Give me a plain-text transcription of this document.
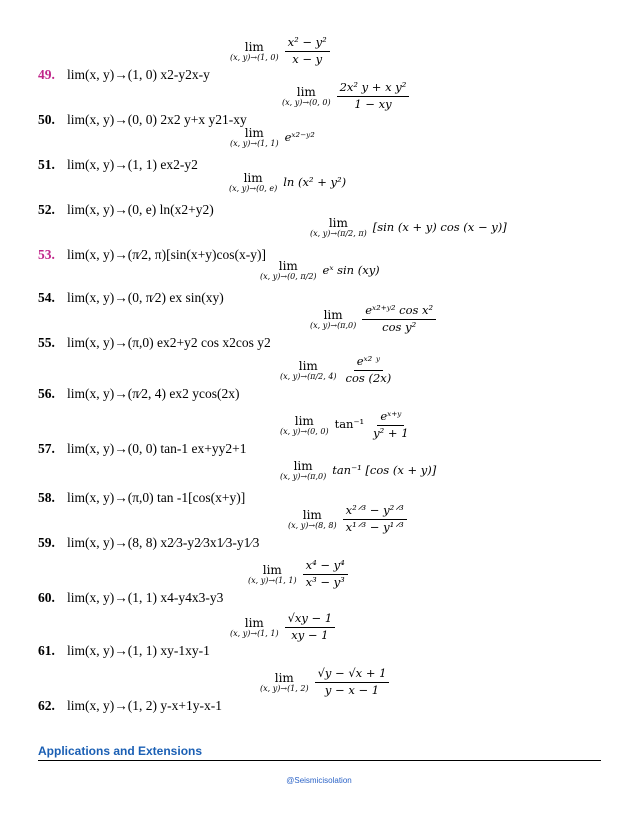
lim
(x, y)→(1, $0) \frac{\text{x² − y²}}{x - y}$
49. lim(x, y)→(1, 0) x2-y2x-y
lim
(x, y)→(0, $0) \frac{\text{2x² y + x y²}}{1 - xy}$
50. lim(x, y)→(0, 0) 2x2 y+x y21-xy
lim
(x, y)→(1, 1) eˣ²⁻ʸ²
51. lim(x, y)→(1, 1) ex2-y2
lim
(x, y)→(0, e) ln (x² + y²)
52. lim(x, y)→(0, e) ln(x2+y2)
lim
(x, y)→(π/2, π) [sin (x + y) cos (x − y)]
53. lim(x, y)→(π⁄2, π)[sin(x+y)cos(x-y)]
lim
(x, y)→(0, π/2) eˣ sin (xy)
54. lim(x, y)→(0, π⁄2) ex sin(xy)
lim
(x, $y)\to(\pi,0) \frac{\text{eˣ²⁺ʸ² cos x²}}{\text{cos y²}}$
55. lim(x, y)→(π,0) ex2+y2 cos x2cos y2
lim
(x, y)→(π/2, $4) \frac{\text{eˣ² ʸ}}{\cos (2x)}$
56. lim(x, y)→(π⁄2, 4) ex2 ycos(2x)
lim
(x, y)→(0, 0) $\tan^{-1} \frac{\text{eˣ⁺ʸ}}{\text{y² + 1}}$
57. lim(x, y)→(0, 0) tan-1 ex+yy2+1
lim
(x, y)→(π,0) tan⁻¹ [cos (x + y)]
58. lim(x, y)→(π,0) tan -1[cos(x+y)]
lim
(x, y)→(8, $8) \frac{\text{x²ᐟ³ − y²ᐟ³}}{\text{x¹ᐟ³ − y¹ᐟ³}}$
59. lim(x, y)→(8, 8) x2⁄3-y2⁄3x1⁄3-y1⁄3
lim
(x, y)→(1, $1) \frac{\text{x⁴ − y⁴}}{\text{x³ − y³}}$
60. lim(x, y)→(1, 1) x4-y4x3-y3
lim
(x, y)→(1, $1) \frac{√xy - 1}{xy - 1}$
61. lim(x, y)→(1, 1) xy-1xy-1
lim
(x, y)→(1, $2) \frac{√y - √x + 1}{y - x - 1}$
62. lim(x, y)→(1, 2) y-x+1y-x-1
Applications and Extensions
@Seismicisolation
